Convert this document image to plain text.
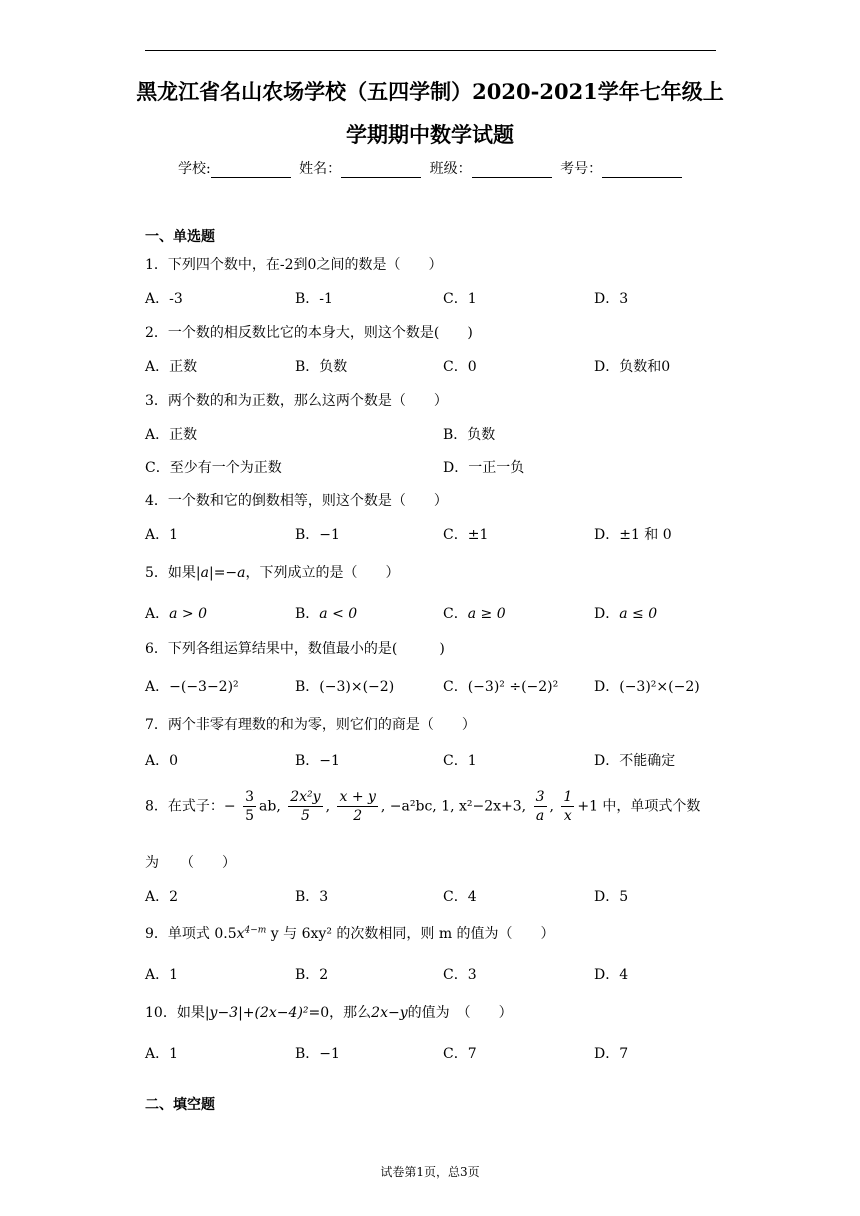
黑龙江省名山农场学校（五四学制）2020-2021学年七年级上
学期期中数学试题
学校:	姓名：	班级：	考号：
一、单选题
1．下列四个数中，在-2到0之间的数是（　　）
A．-3	B．-1	C．1	D．3
2．一个数的相反数比它的本身大，则这个数是(　　)
A．正数	B．负数	C．0	D．负数和0
3．两个数的和为正数，那么这两个数是（　　）
A．正数	B．负数
C．至少有一个为正数	D．一正一负
4．一个数和它的倒数相等，则这个数是（　　）
A．1	B．−1	C．±1	D．±1 和 0
5．如果|a|=−a，下列成立的是（　　）
A．a > 0	B．a < 0	C．a ≥ 0	D．a ≤ 0
6．下列各组运算结果中，数值最小的是(　　　)
A．−(−3−2)²	B．(−3)×(−2)	C．(−3)² ÷(−2)²	D．(−3)²×(−2)
7．两个非零有理数的和为零，则它们的商是（　　）
A．0	B．−1	C．1	D．不能确定
8．在式子：− $\frac{3}{5}$ ab, $\frac{\text{2x²y}}{5}$ , $\frac{x + y}{2}$ , −a²bc, 1, x²−2x+3, $\frac{3}{a}$ , $\frac{1}{x} +1$ 中，单项式个数
为　　（　　）
A．2	B．3	C．4	D．5
9．单项式 $0.5x^{4-m}$ y 与 6xy² 的次数相同，则 m 的值为（　　）
A．1	B．2	C．3	D．4
10．如果|y−3|+(2x−4)²=0，那么2x−y的值为　（　　）
A．1	B．−1	C．7	D．7
二、填空题
试卷第1页，总3页
